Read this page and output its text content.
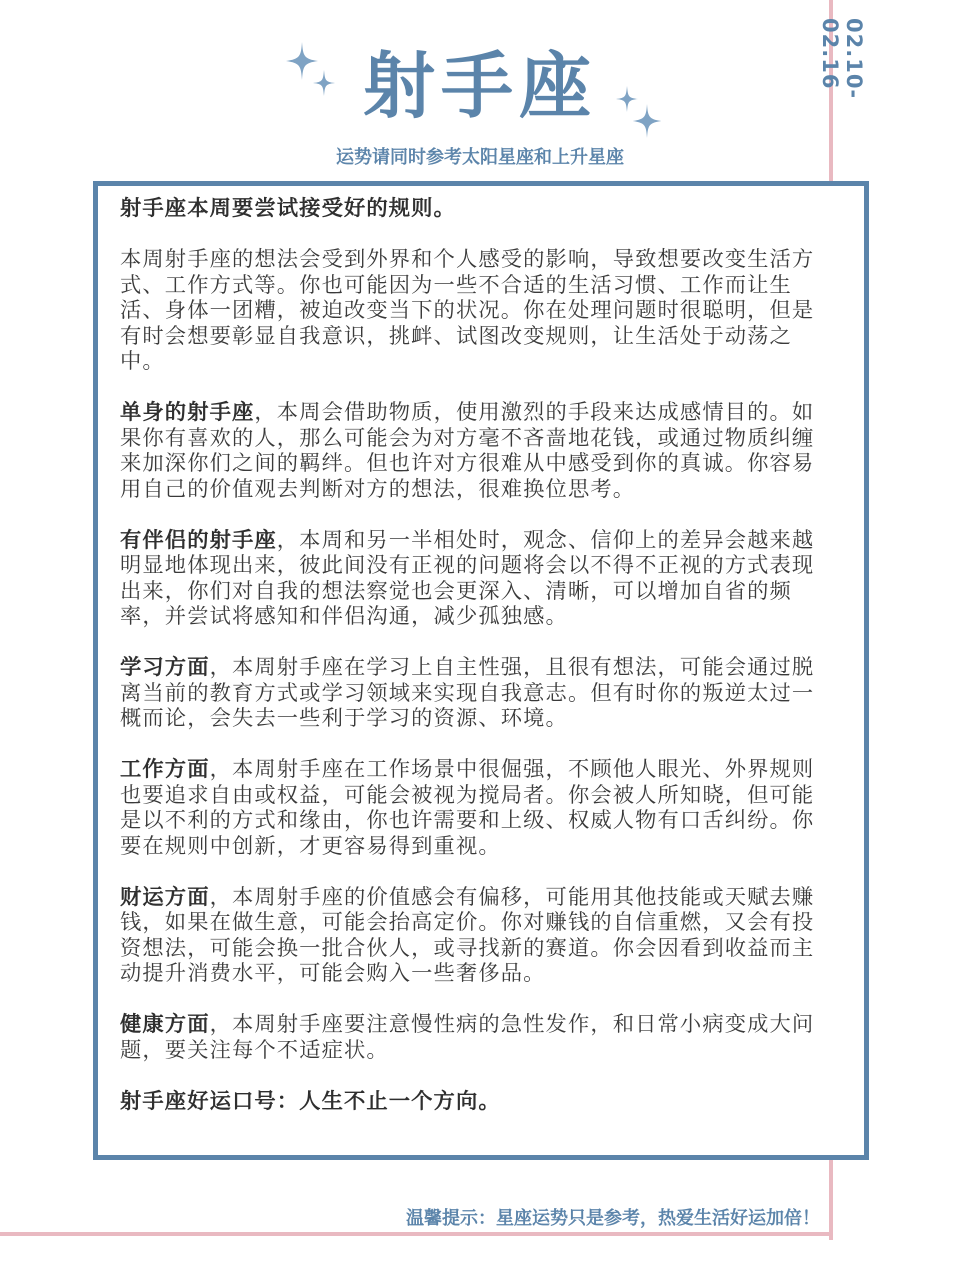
02.10-02.16
射手座
运势请同时参考太阳星座和上升星座

射手座本周要尝试接受好的规则。

本周射手座的想法会受到外界和个人感受的影响，导致想要改变生活方式、工作方式等。你也可能因为一些不合适的生活习惯、工作而让生活、身体一团糟，被迫改变当下的状况。你在处理问题时很聪明，但是有时会想要彰显自我意识，挑衅、试图改变规则，让生活处于动荡之中。

单身的射手座，本周会借助物质，使用激烈的手段来达成感情目的。如果你有喜欢的人，那么可能会为对方毫不吝啬地花钱，或通过物质纠缠来加深你们之间的羁绊。但也许对方很难从中感受到你的真诚。你容易用自己的价值观去判断对方的想法，很难换位思考。

有伴侣的射手座，本周和另一半相处时，观念、信仰上的差异会越来越明显地体现出来，彼此间没有正视的问题将会以不得不正视的方式表现出来，你们对自我的想法察觉也会更深入、清晰，可以增加自省的频率，并尝试将感知和伴侣沟通，减少孤独感。

学习方面，本周射手座在学习上自主性强，且很有想法，可能会通过脱离当前的教育方式或学习领域来实现自我意志。但有时你的叛逆太过一概而论，会失去一些利于学习的资源、环境。

工作方面，本周射手座在工作场景中很倔强，不顾他人眼光、外界规则也要追求自由或权益，可能会被视为搅局者。你会被人所知晓，但可能是以不利的方式和缘由，你也许需要和上级、权威人物有口舌纠纷。你要在规则中创新，才更容易得到重视。

财运方面，本周射手座的价值感会有偏移，可能用其他技能或天赋去赚钱，如果在做生意，可能会抬高定价。你对赚钱的自信重燃，又会有投资想法，可能会换一批合伙人，或寻找新的赛道。你会因看到收益而主动提升消费水平，可能会购入一些奢侈品。

健康方面，本周射手座要注意慢性病的急性发作，和日常小病变成大问题，要关注每个不适症状。

射手座好运口号：人生不止一个方向。

温馨提示：星座运势只是参考，热爱生活好运加倍！
